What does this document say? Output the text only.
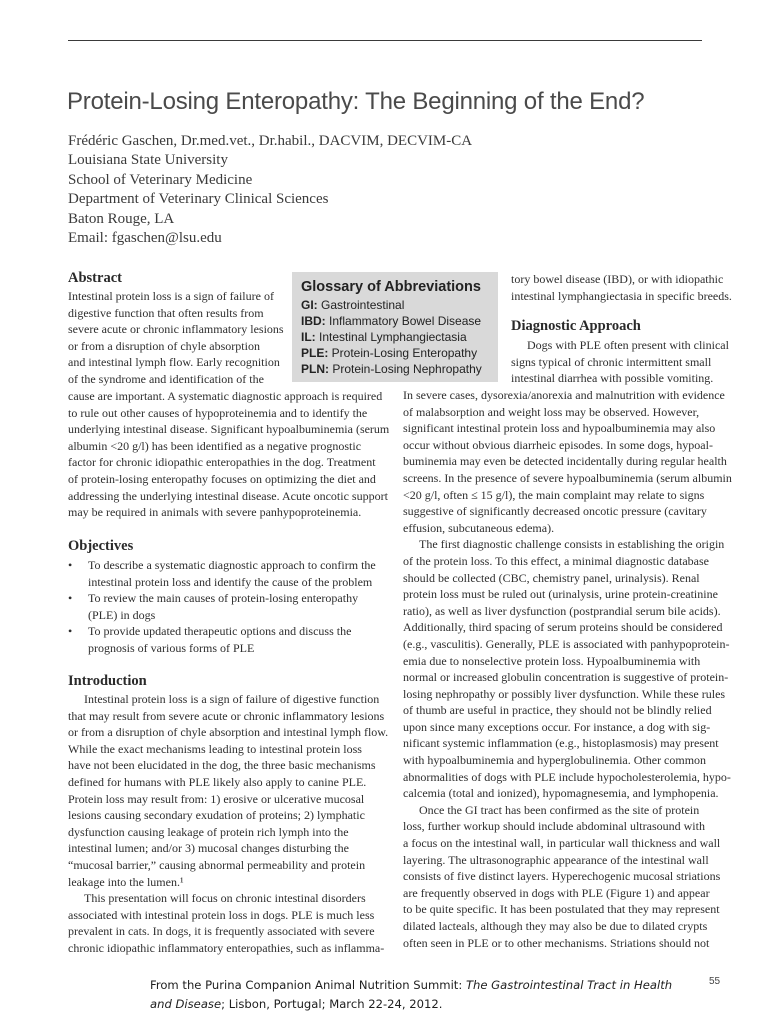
Protein-Losing Enteropathy: The Beginning of the End?
Frédéric Gaschen, Dr.med.vet., Dr.habil., DACVIM, DECVIM-CA
Louisiana State University
School of Veterinary Medicine
Department of Veterinary Clinical Sciences
Baton Rouge, LA
Email: fgaschen@lsu.edu
Glossary of Abbreviations
GI: Gastrointestinal
IBD: Inflammatory Bowel Disease
IL: Intestinal Lymphangiectasia
PLE: Protein-Losing Enteropathy
PLN: Protein-Losing Nephropathy
Abstract
Intestinal protein loss is a sign of failure of
digestive function that often results from
severe acute or chronic inflammatory lesions
or from a disruption of chyle absorption
and intestinal lymph flow. Early recognition
of the syndrome and identification of the
cause are important. A systematic diagnostic approach is required
to rule out other causes of hypoproteinemia and to identify the
underlying intestinal disease. Significant hypoalbuminemia (serum
albumin <20 g/l) has been identified as a negative prognostic
factor for chronic idiopathic enteropathies in the dog. Treatment
of protein-losing enteropathy focuses on optimizing the diet and
addressing the underlying intestinal disease. Acute oncotic support
may be required in animals with severe panhypoproteinemia.
Objectives
•	To describe a systematic diagnostic approach to confirm the
intestinal protein loss and identify the cause of the problem
•	To review the main causes of protein-losing enteropathy
(PLE) in dogs
•	To provide updated therapeutic options and discuss the
prognosis of various forms of PLE
Introduction
Intestinal protein loss is a sign of failure of digestive function
that may result from severe acute or chronic inflammatory lesions
or from a disruption of chyle absorption and intestinal lymph flow.
While the exact mechanisms leading to intestinal protein loss
have not been elucidated in the dog, the three basic mechanisms
defined for humans with PLE likely also apply to canine PLE.
Protein loss may result from: 1) erosive or ulcerative mucosal
lesions causing secondary exudation of proteins; 2) lymphatic
dysfunction causing leakage of protein rich lymph into the
intestinal lumen; and/or 3) mucosal changes disturbing the
“mucosal barrier,” causing abnormal permeability and protein
leakage into the lumen.¹
This presentation will focus on chronic intestinal disorders
associated with intestinal protein loss in dogs. PLE is much less
prevalent in cats. In dogs, it is frequently associated with severe
chronic idiopathic inflammatory enteropathies, such as inflamma-
tory bowel disease (IBD), or with idiopathic
intestinal lymphangiectasia in specific breeds.
Diagnostic Approach
Dogs with PLE often present with clinical
signs typical of chronic intermittent small
intestinal diarrhea with possible vomiting.
In severe cases, dysorexia/anorexia and malnutrition with evidence
of malabsorption and weight loss may be observed. However,
significant intestinal protein loss and hypoalbuminemia may also
occur without obvious diarrheic episodes. In some dogs, hypoal-
buminemia may even be detected incidentally during regular health
screens. In the presence of severe hypoalbuminemia (serum albumin
<20 g/l, often ≤ 15 g/l), the main complaint may relate to signs
suggestive of significantly decreased oncotic pressure (cavitary
effusion, subcutaneous edema).
The first diagnostic challenge consists in establishing the origin
of the protein loss. To this effect, a minimal diagnostic database
should be collected (CBC, chemistry panel, urinalysis). Renal
protein loss must be ruled out (urinalysis, urine protein-creatinine
ratio), as well as liver dysfunction (postprandial serum bile acids).
Additionally, third spacing of serum proteins should be considered
(e.g., vasculitis). Generally, PLE is associated with panhypoprotein-
emia due to nonselective protein loss. Hypoalbuminemia with
normal or increased globulin concentration is suggestive of protein-
losing nephropathy or possibly liver dysfunction. While these rules
of thumb are useful in practice, they should not be blindly relied
upon since many exceptions occur. For instance, a dog with sig-
nificant systemic inflammation (e.g., histoplasmosis) may present
with hypoalbuminemia and hyperglobulinemia. Other common
abnormalities of dogs with PLE include hypocholesterolemia, hypo-
calcemia (total and ionized), hypomagnesemia, and lymphopenia.
Once the GI tract has been confirmed as the site of protein
loss, further workup should include abdominal ultrasound with
a focus on the intestinal wall, in particular wall thickness and wall
layering. The ultrasonographic appearance of the intestinal wall
consists of five distinct layers. Hyperechogenic mucosal striations
are frequently observed in dogs with PLE (Figure 1) and appear
to be quite specific. It has been postulated that they may represent
dilated lacteals, although they may also be due to dilated crypts
often seen in PLE or to other mechanisms. Striations should not
From the Purina Companion Animal Nutrition Summit: The Gastrointestinal Tract in Health
and Disease; Lisbon, Portugal; March 22-24, 2012.
55
